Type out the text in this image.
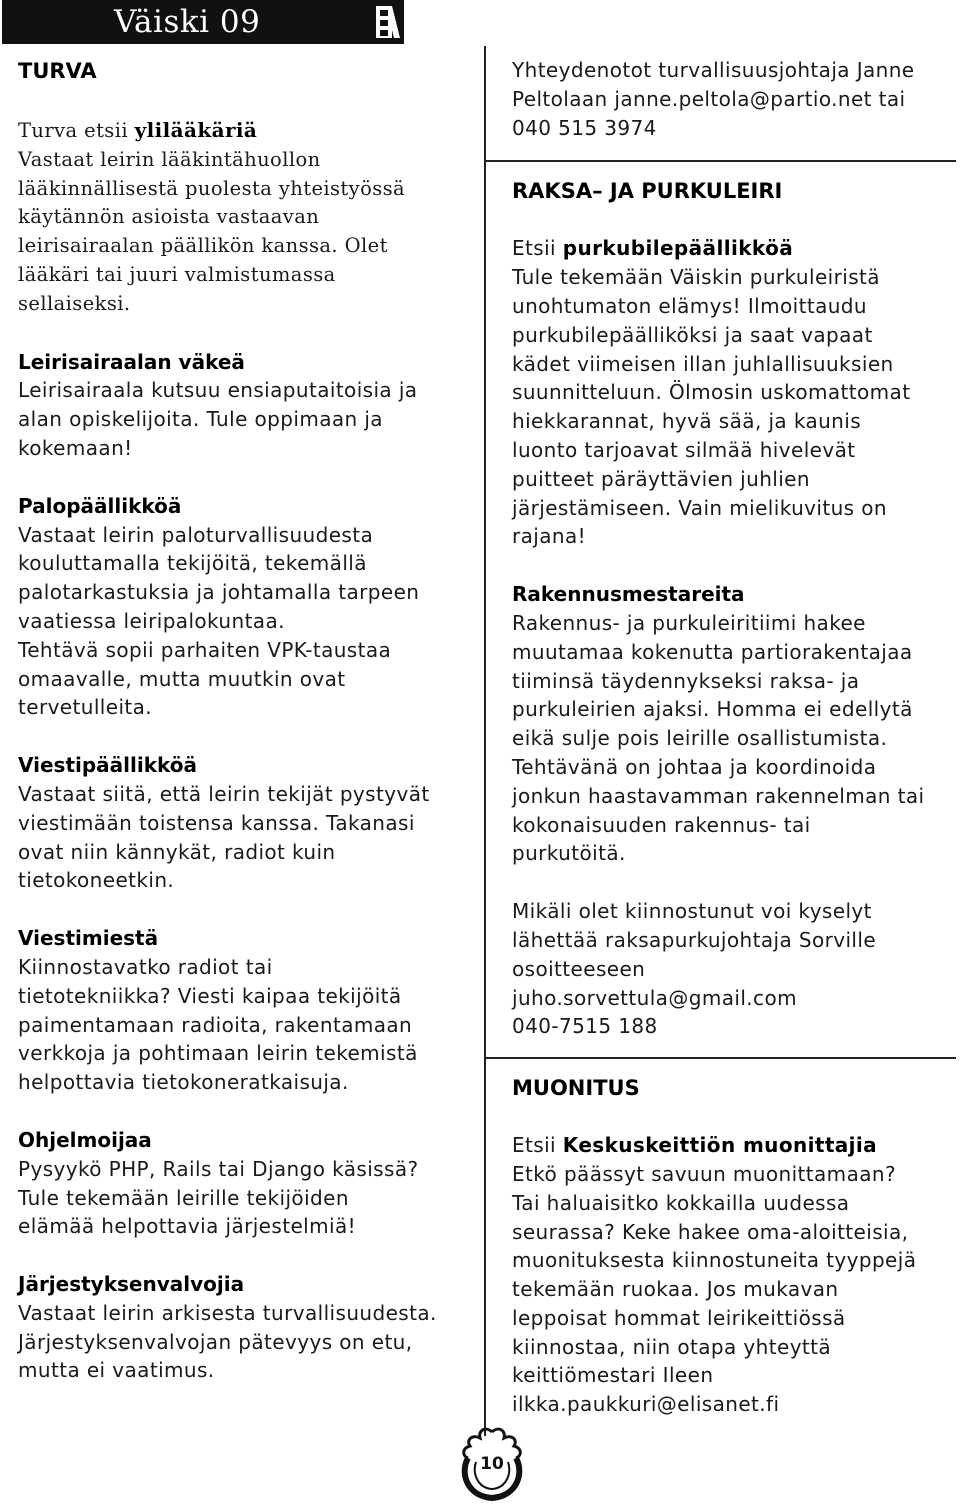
Väiski 09

TURVA

Turva etsii ylilääkäriä

Vastaat leirin lääkintähuollon

lääkinnällisestä puolesta yhteistyössä

käytännön asioista vastaavan

leirisairaalan päällikön kanssa. Olet

lääkäri tai juuri valmistumassa

sellaiseksi.

Leirisairaalan väkeä

Leirisairaala kutsuu ensiaputaitoisia ja

alan opiskelijoita. Tule oppimaan ja

kokemaan!

Palopäällikköä

Vastaat leirin paloturvallisuudesta

kouluttamalla tekijöitä, tekemällä

palotarkastuksia ja johtamalla tarpeen

vaatiessa leiripalokuntaa.

Tehtävä sopii parhaiten VPK-taustaa

omaavalle, mutta muutkin ovat

tervetulleita.

Viestipäällikköä

Vastaat siitä, että leirin tekijät pystyvät

viestimään toistensa kanssa. Takanasi

ovat niin kännykät, radiot kuin

tietokoneetkin.

Viestimiestä

Kiinnostavatko radiot tai

tietotekniikka? Viesti kaipaa tekijöitä

paimentamaan radioita, rakentamaan

verkkoja ja pohtimaan leirin tekemistä

helpottavia tietokoneratkaisuja.

Ohjelmoijaa

Pysyykö PHP, Rails tai Django käsissä?

Tule tekemään leirille tekijöiden

elämää helpottavia järjestelmiä!

Järjestyksenvalvojia

Vastaat leirin arkisesta turvallisuudesta.

Järjestyksenvalvojan pätevyys on etu,

mutta ei vaatimus.

Yhteydenotot turvallisuusjohtaja Janne

Peltolaan janne.peltola@partio.net tai

040 515 3974

RAKSA– JA PURKULEIRI

Etsii purkubilepäällikköä

Tule tekemään Väiskin purkuleiristä

unohtumaton elämys! Ilmoittaudu

purkubilepäälliköksi ja saat vapaat

kädet viimeisen illan juhlallisuuksien

suunnitteluun. Ölmosin uskomattomat

hiekkarannat, hyvä sää, ja kaunis

luonto tarjoavat silmää hivelevät

puitteet päräyttävien juhlien

järjestämiseen. Vain mielikuvitus on

rajana!

Rakennusmestareita

Rakennus- ja purkuleiritiimi hakee

muutamaa kokenutta partiorakentajaa

tiiminsä täydennykseksi raksa- ja

purkuleirien ajaksi. Homma ei edellytä

eikä sulje pois leirille osallistumista.

Tehtävänä on johtaa ja koordinoida

jonkun haastavamman rakennelman tai

kokonaisuuden rakennus- tai

purkutöitä.

Mikäli olet kiinnostunut voi kyselyt

lähettää raksapurkujohtaja Sorville

osoitteeseen

juho.sorvettula@gmail.com

040-7515 188

MUONITUS

Etsii Keskuskeittiön muonittajia

Etkö päässyt savuun muonittamaan?

Tai haluaisitko kokkailla uudessa

seurassa? Keke hakee oma-aloitteisia,

muonituksesta kiinnostuneita tyyppejä

tekemään ruokaa. Jos mukavan

leppoisat hommat leirikeittiössä

kiinnostaa, niin otapa yhteyttä

keittiömestari Ileen

ilkka.paukkuri@elisanet.fi

10
